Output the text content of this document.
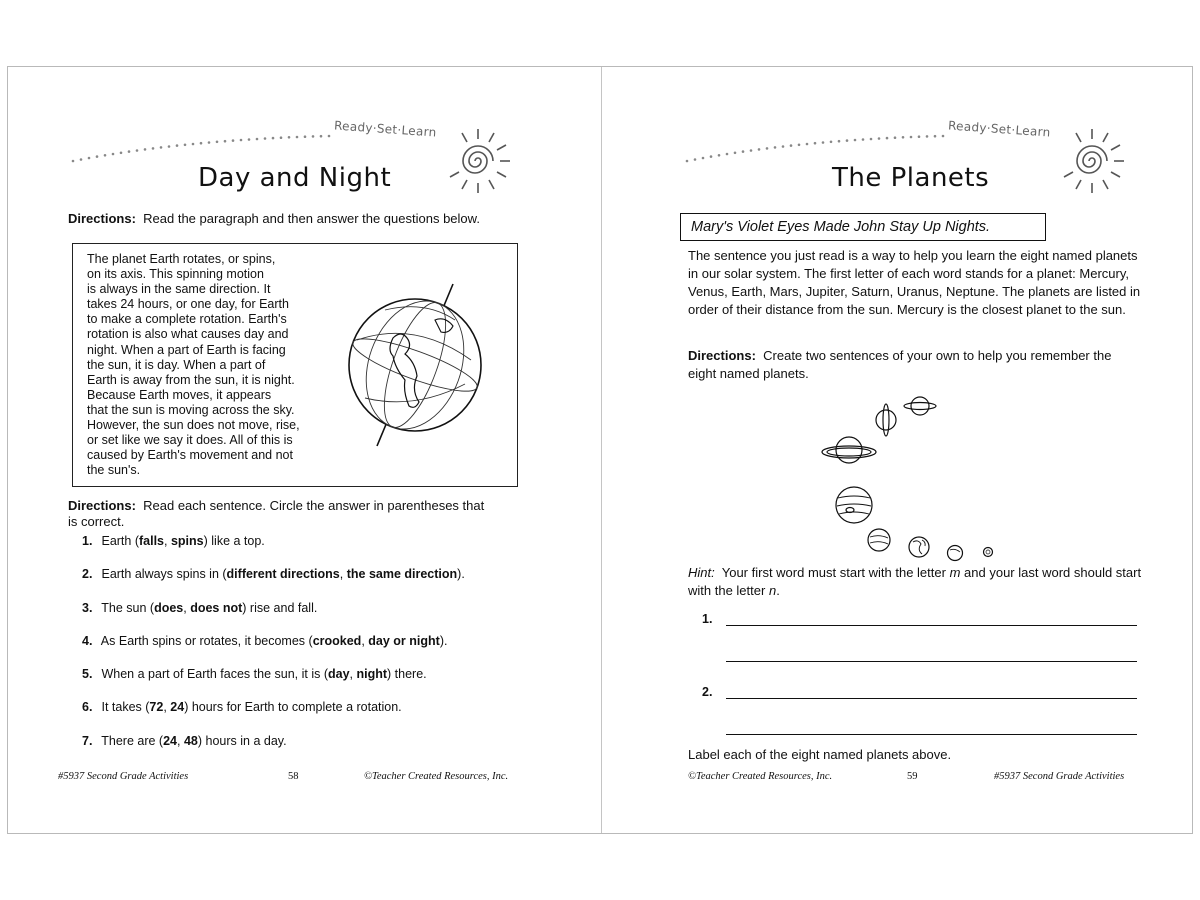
Ready·Set·Learn
Day and Night
Directions: Read the paragraph and then answer the questions below.
The planet Earth rotates, or spins,
on its axis. This spinning motion
is always in the same direction. It
takes 24 hours, or one day, for Earth
to make a complete rotation. Earth's
rotation is also what causes day and
night. When a part of Earth is facing
the sun, it is day. When a part of
Earth is away from the sun, it is night.
Because Earth moves, it appears
that the sun is moving across the sky.
However, the sun does not move, rise,
or set like we say it does. All of this is
caused by Earth's movement and not
the sun's.
Directions: Read each sentence. Circle the answer in parentheses that
is correct.
1. Earth (falls, spins) like a top.
2. Earth always spins in (different directions, the same direction).
3. The sun (does, does not) rise and fall.
4. As Earth spins or rotates, it becomes (crooked, day or night).
5. When a part of Earth faces the sun, it is (day, night) there.
6. It takes (72, 24) hours for Earth to complete a rotation.
7. There are (24, 48) hours in a day.
#5937 Second Grade Activities	58	©Teacher Created Resources, Inc.
Ready·Set·Learn
The Planets
Mary's Violet Eyes Made John Stay Up Nights.
The sentence you just read is a way to help you learn the eight named planets in our solar system. The first letter of each word stands for a planet: Mercury, Venus, Earth, Mars, Jupiter, Saturn, Uranus, Neptune. The planets are listed in order of their distance from the sun. Mercury is the closest planet to the sun.
Directions: Create two sentences of your own to help you remember the eight named planets.
Hint: Your first word must start with the letter m and your last word should start with the letter n.
1.
2.
Label each of the eight named planets above.
©Teacher Created Resources, Inc.	59	#5937 Second Grade Activities
